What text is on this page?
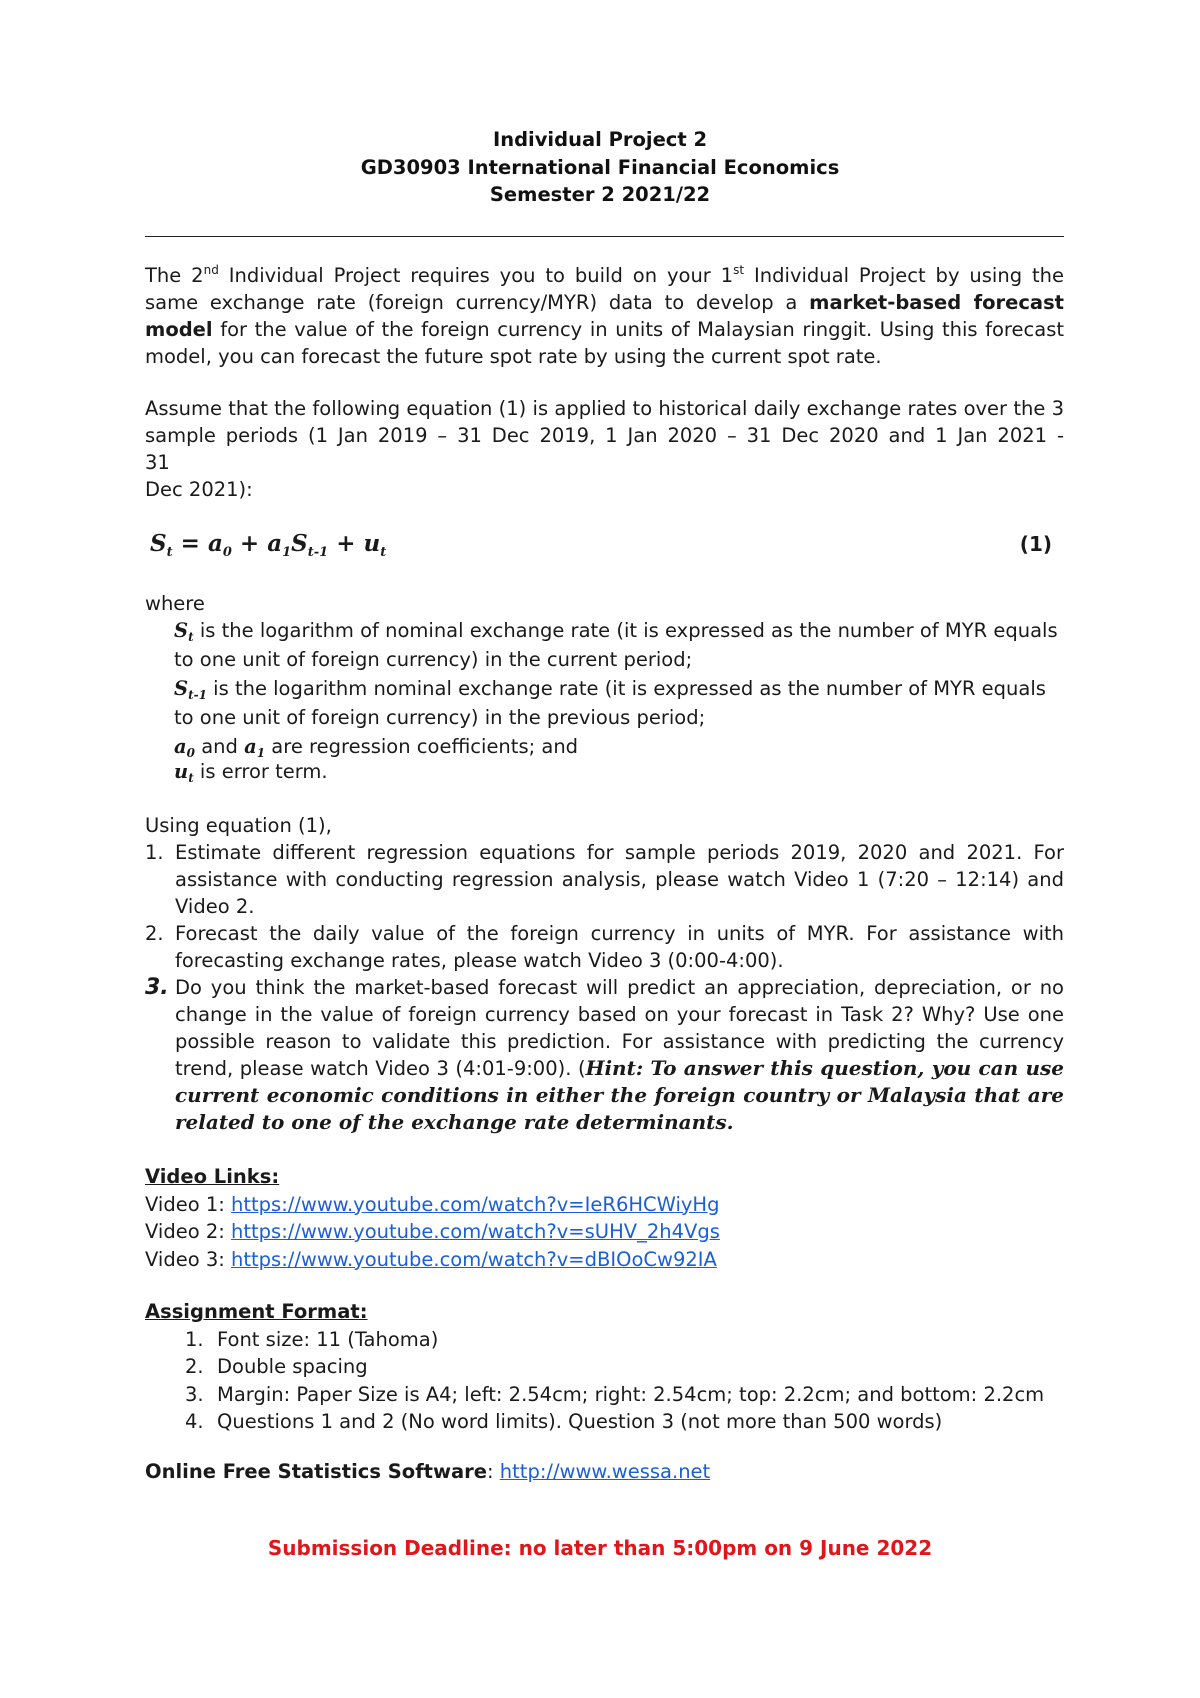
Individual Project 2
GD30903 International Financial Economics
Semester 2 2021/22
The 2nd Individual Project requires you to build on your 1st Individual Project by using the same exchange rate (foreign currency/MYR) data to develop a market-based forecast model for the value of the foreign currency in units of Malaysian ringgit. Using this forecast model, you can forecast the future spot rate by using the current spot rate.
Assume that the following equation (1) is applied to historical daily exchange rates over the 3 sample periods (1 Jan 2019 – 31 Dec 2019, 1 Jan 2020 – 31 Dec 2020 and 1 Jan 2021 -
31
Dec 2021):
$S_t = a_0 + a_1S_{t-1} + u_t$	(1)
where
$S_t$ is the logarithm of nominal exchange rate (it is expressed as the number of MYR equals to one unit of foreign currency) in the current period;
$S_{t-1}$ is the logarithm nominal exchange rate (it is expressed as the number of MYR equals to one unit of foreign currency) in the previous period;
$a_0$ and $a_1$ are regression coefficients; and
$u_t$ is error term.
Using equation (1),
1. Estimate different regression equations for sample periods 2019, 2020 and 2021. For assistance with conducting regression analysis, please watch Video 1 (7:20 – 12:14) and Video 2.
2. Forecast the daily value of the foreign currency in units of MYR. For assistance with forecasting exchange rates, please watch Video 3 (0:00-4:00).
3. Do you think the market-based forecast will predict an appreciation, depreciation, or no change in the value of foreign currency based on your forecast in Task 2? Why? Use one possible reason to validate this prediction. For assistance with predicting the currency trend, please watch Video 3 (4:01-9:00). (Hint: To answer this question, you can use current economic conditions in either the foreign country or Malaysia that are related to one of the exchange rate determinants.
Video Links:
Video 1: https://www.youtube.com/watch?v=IeR6HCWiyHg
Video 2: https://www.youtube.com/watch?v=sUHV_2h4Vgs
Video 3: https://www.youtube.com/watch?v=dBIOoCw92IA
Assignment Format:
1. Font size: 11 (Tahoma)
2. Double spacing
3. Margin: Paper Size is A4; left: 2.54cm; right: 2.54cm; top: 2.2cm; and bottom: 2.2cm
4. Questions 1 and 2 (No word limits). Question 3 (not more than 500 words)
Online Free Statistics Software: http://www.wessa.net
Submission Deadline: no later than 5:00pm on 9 June 2022
